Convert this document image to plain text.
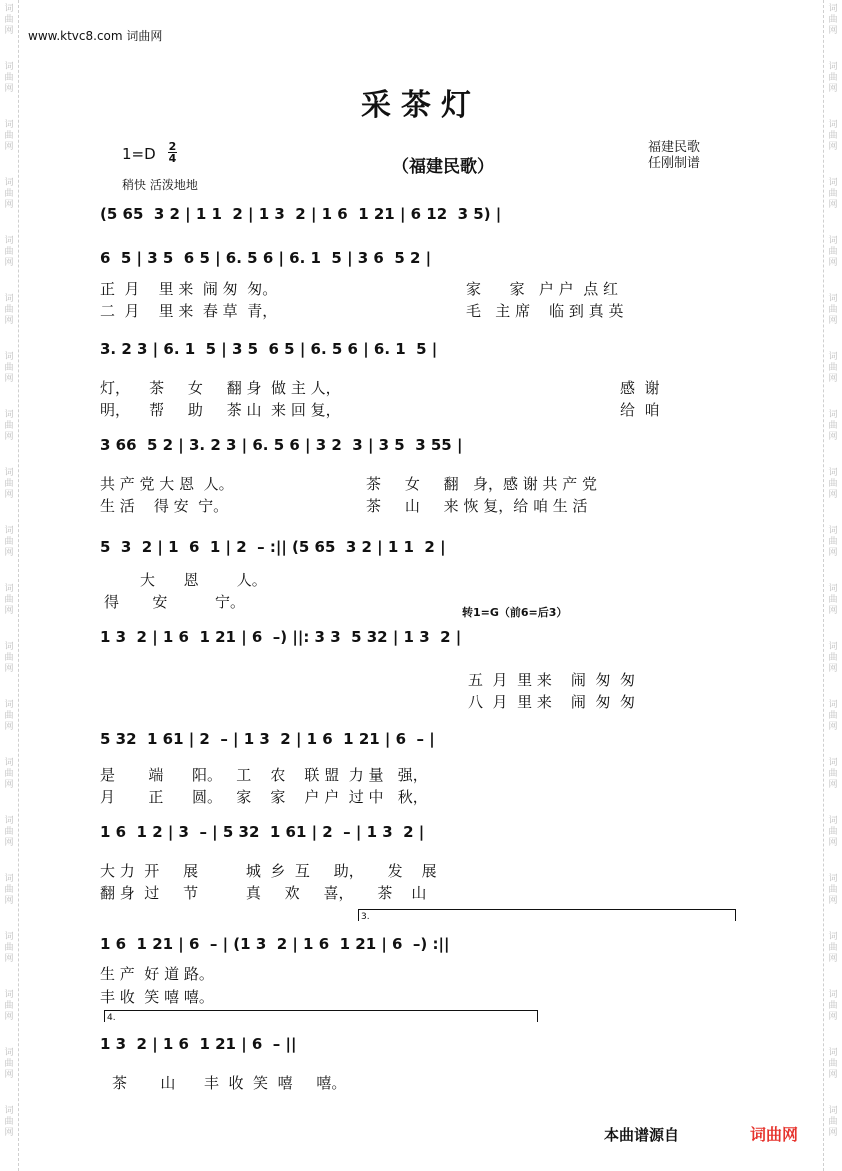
词
曲
网
词
曲
网
词
曲
网
词
曲
网
词
曲
网
词
曲
网
词
曲
网
词
曲
网
词
曲
网
词
曲
网
词
曲
网
词
曲
网
词
曲
网
词
曲
网
词
曲
网
词
曲
网
词
曲
网
词
曲
网
词
曲
网
词
曲
网
词
曲
网
词
曲
网
词
曲
网
词
曲
网
词
曲
网
词
曲
网
词
曲
网
词
曲
网
词
曲
网
词
曲
网
词
曲
网
词
曲
网
词
曲
网
词
曲
网
词
曲
网
词
曲
网
词
曲
网
词
曲
网
词
曲
网
词
曲
网
www.ktvc8.com 词曲网
采茶灯
1=D 2
4	（福建民歌）
福建民歌
任刚制谱
稍快 活泼地地
(5 65  3 2 | 1 1  2 | 1 3  2 | 1 6  1 21 | 6 12  3 5) |
6  5 | 3 5  6 5 | 6. 5 6 | 6. 1  5 | 3 6  5 2 |
3. 2 3 | 6. 1  5 | 3 5  6 5 | 6. 5 6 | 6. 1  5 |
3 66  5 2 | 3. 2 3 | 6. 5 6 | 3 2  3 | 3 5  3 55 |
5  3  2 | 1  6  1 | 2  – :|| (5 65  3 2 | 1 1  2 |
1 3  2 | 1 6  1 21 | 6  –) ||: 3 3  5 32 | 1 3  2 |
5 32  1 61 | 2  – | 1 3  2 | 1 6  1 21 | 6  – |
1 6  1 2 | 3  – | 5 32  1 61 | 2  – | 1 3  2 |
1 6  1 21 | 6  – | (1 3  2 | 1 6  1 21 | 6  –) :||
1 3  2 | 1 6  1 21 | 6  – ||
正  月    里 来  闹 匆  匆。	家      家   户 户  点 红
二  月    里 来  春 草  青，	毛   主 席    临 到 真 英
灯，    茶     女     翻 身  做 主 人，	感  谢
明，    帮     助     茶 山  来 回 复，	给  咱
共 产 党 大 恩  人。	茶     女     翻   身，感 谢 共 产 党
生 活    得 安  宁。	茶     山     来 恢 复，给 咱 生 活
大      恩        人。
得       安          宁。
转1=G（前6=后3）
五  月  里 来    闹  匆  匆
八  月  里 来    闹  匆  匆
是       端      阳。   工    农    联 盟  力 量   强，
月       正      圆。   家    家    户 户  过 中   秋，
大 力  开     展          城  乡  互     助，     发    展
翻 身  过     节          真     欢     喜，     茶    山
3.
生 产  好 道 路。
丰 收  笑 嘻 嘻。
4.
茶       山      丰  收  笑  嘻     嘻。
本曲谱源自	词曲网
